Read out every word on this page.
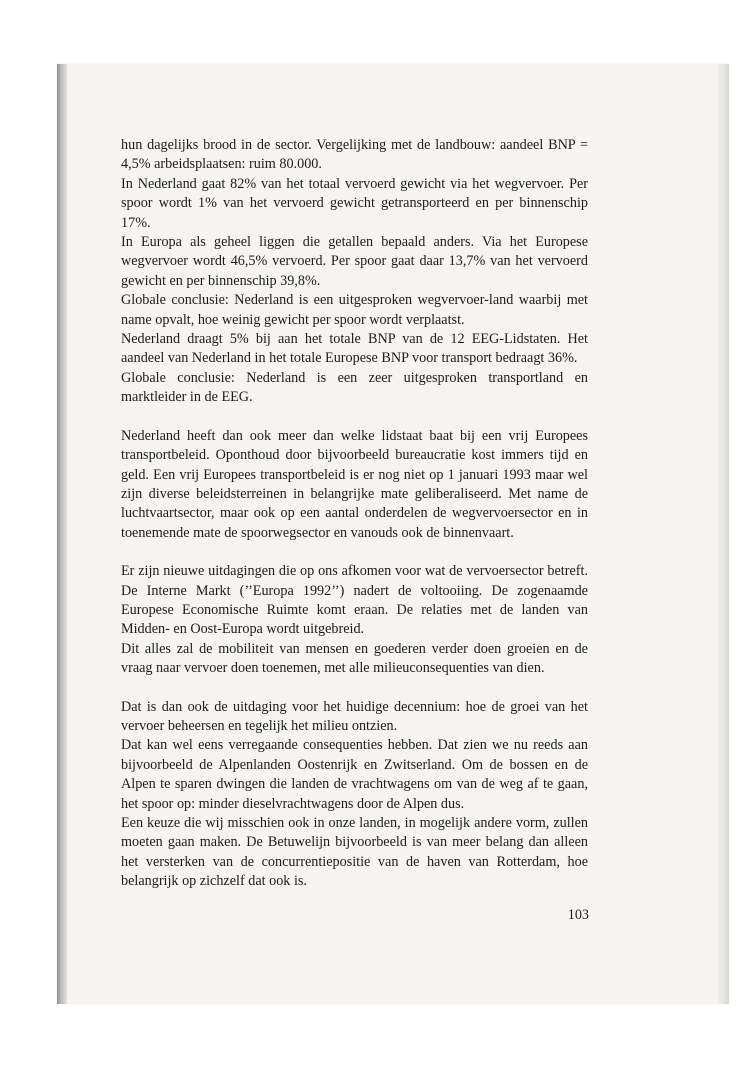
hun dagelijks brood in de sector. Vergelijking met de landbouw: aandeel BNP = 4,5% arbeidsplaatsen: ruim 80.000.

In Nederland gaat 82% van het totaal vervoerd gewicht via het wegvervoer. Per spoor wordt 1% van het vervoerd gewicht getransporteerd en per binnenschip 17%.

In Europa als geheel liggen die getallen bepaald anders. Via het Europese wegvervoer wordt 46,5% vervoerd. Per spoor gaat daar 13,7% van het vervoerd gewicht en per binnenschip 39,8%.

Globale conclusie: Nederland is een uitgesproken wegvervoer-land waarbij met name opvalt, hoe weinig gewicht per spoor wordt verplaatst.

Nederland draagt 5% bij aan het totale BNP van de 12 EEG-Lidstaten. Het aandeel van Nederland in het totale Europese BNP voor transport bedraagt 36%.

Globale conclusie: Nederland is een zeer uitgesproken transportland en marktleider in de EEG.

Nederland heeft dan ook meer dan welke lidstaat baat bij een vrij Europees transportbeleid. Oponthoud door bijvoorbeeld bureaucratie kost immers tijd en geld. Een vrij Europees transportbeleid is er nog niet op 1 januari 1993 maar wel zijn diverse beleidsterreinen in belangrijke mate geliberaliseerd. Met name de luchtvaartsector, maar ook op een aantal onderdelen de wegvervoersector en in toenemende mate de spoorwegsector en vanouds ook de binnenvaart.

Er zijn nieuwe uitdagingen die op ons afkomen voor wat de vervoersector betreft. De Interne Markt (’’Europa 1992’’) nadert de voltooiing. De zogenaamde Europese Economische Ruimte komt eraan. De relaties met de landen van Midden- en Oost-Europa wordt uitgebreid.

Dit alles zal de mobiliteit van mensen en goederen verder doen groeien en de vraag naar vervoer doen toenemen, met alle milieuconsequenties van dien.

Dat is dan ook de uitdaging voor het huidige decennium: hoe de groei van het vervoer beheersen en tegelijk het milieu ontzien.

Dat kan wel eens verregaande consequenties hebben. Dat zien we nu reeds aan bijvoorbeeld de Alpenlanden Oostenrijk en Zwitserland. Om de bossen en de Alpen te sparen dwingen die landen de vrachtwagens om van de weg af te gaan, het spoor op: minder dieselvrachtwagens door de Alpen dus.

Een keuze die wij misschien ook in onze landen, in mogelijk andere vorm, zullen moeten gaan maken. De Betuwelijn bijvoorbeeld is van meer belang dan alleen het versterken van de concurrentiepositie van de haven van Rotterdam, hoe belangrijk op zichzelf dat ook is.

103
